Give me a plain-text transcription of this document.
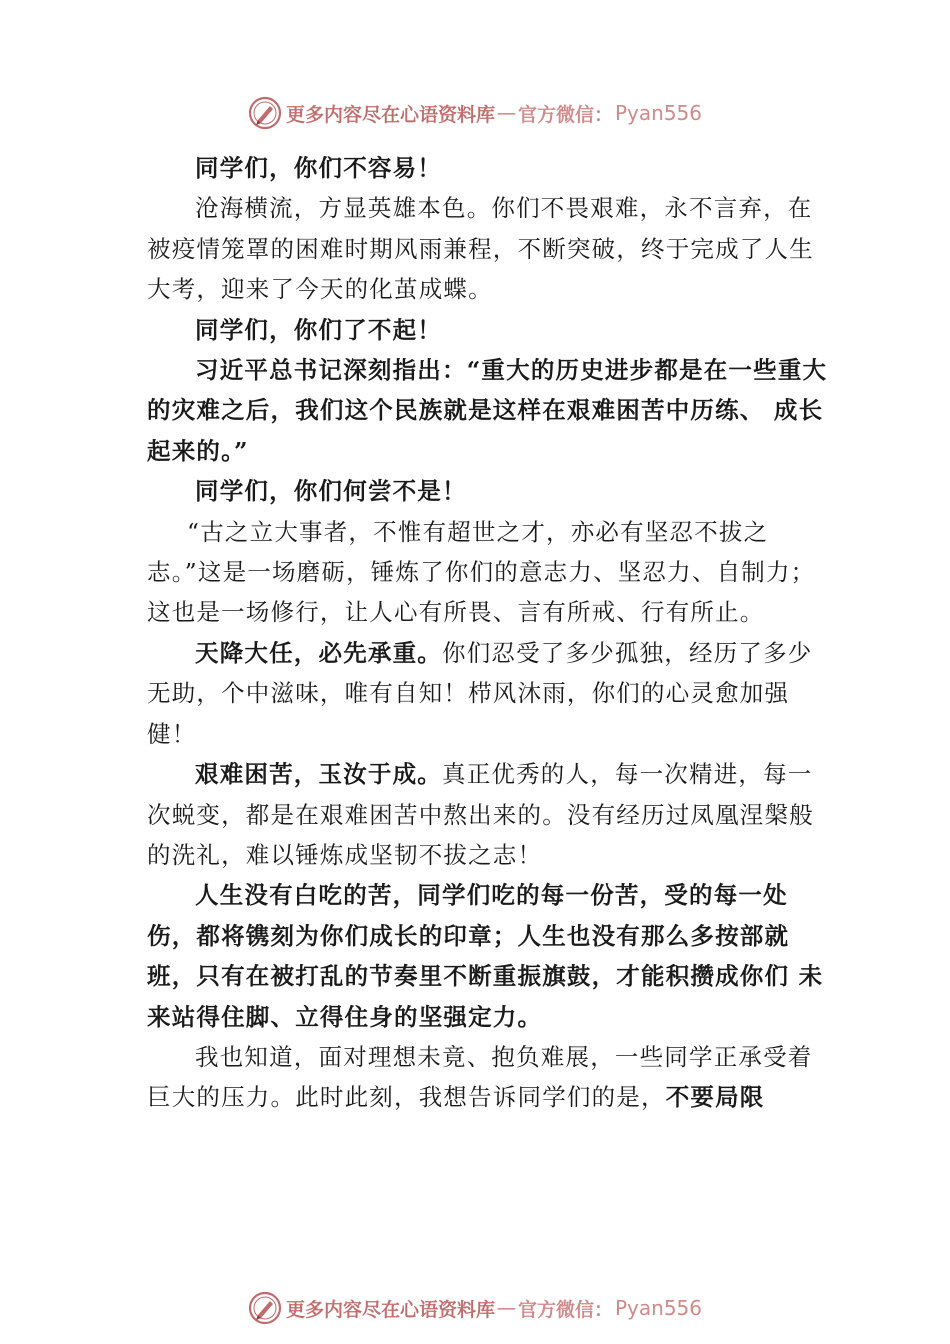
更多内容尽在心语资料库 — 官方微信： Pyan556

同学们，你们不容易！

沧海横流，方显英雄本色。你们不畏艰难，永不言弃，在被疫情笼罩的困难时期风雨兼程，不断突破，终于完成了人生大考，迎来了今天的化茧成蝶。

同学们，你们了不起！

习近平总书记深刻指出：“重大的历史进步都是在一些重大的灾难之后，我们这个民族就是这样在艰难困苦中历练、 成长起来的。”

同学们，你们何尝不是！

“古之立大事者，不惟有超世之才，亦必有坚忍不拔之志。”这是一场磨砺，锤炼了你们的意志力、坚忍力、自制力；这也是一场修行，让人心有所畏、言有所戒、行有所止。

天降大任，必先承重。你们忍受了多少孤独，经历了多少无助，个中滋味，唯有自知！栉风沐雨，你们的心灵愈加强健！

艰难困苦，玉汝于成。真正优秀的人，每一次精进，每一次蜕变，都是在艰难困苦中熬出来的。没有经历过凤凰涅槃般的洗礼，难以锤炼成坚韧不拔之志！

人生没有白吃的苦，同学们吃的每一份苦，受的每一处 伤，都将镌刻为你们成长的印章；人生也没有那么多按部就 班，只有在被打乱的节奏里不断重振旗鼓，才能积攒成你们 未来站得住脚、立得住身的坚强定力。

我也知道，面对理想未竟、抱负难展，一些同学正承受着巨大的压力。此时此刻，我想告诉同学们的是，不要局限

更多内容尽在心语资料库 — 官方微信： Pyan556
